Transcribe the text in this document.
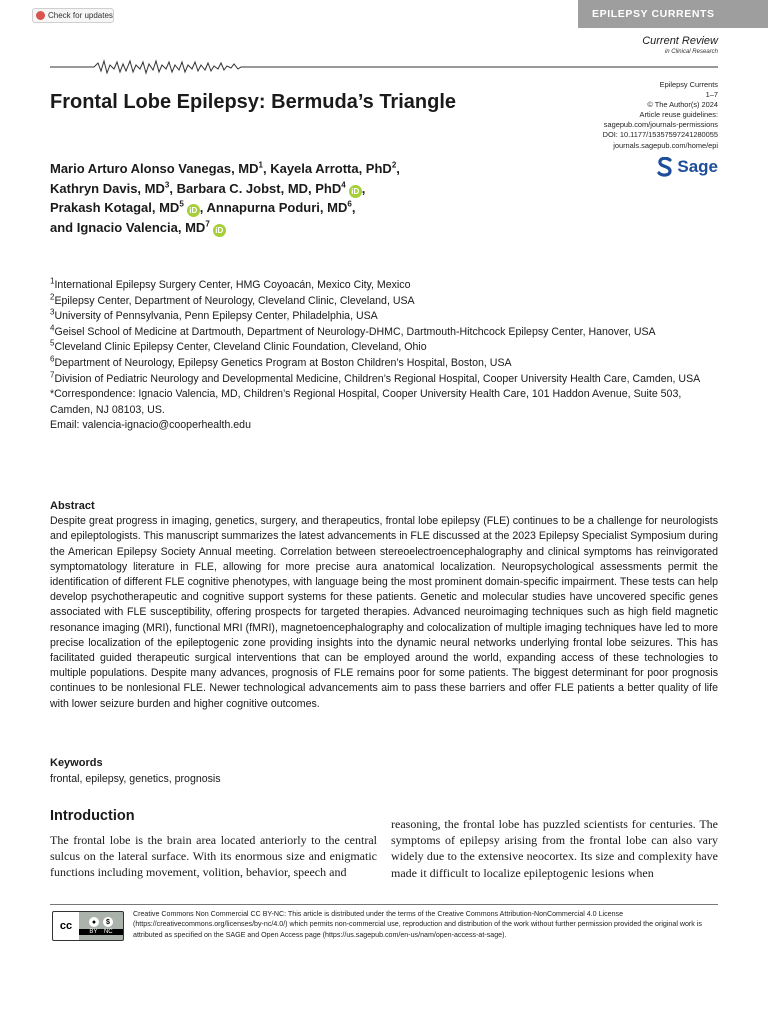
Check for updates	EPILEPSY CURRENTS
Current Review
in Clinical Research
Frontal Lobe Epilepsy: Bermuda’s Triangle
Epilepsy Currents
1–7
© The Author(s) 2024
Article reuse guidelines:
sagepub.com/journals-permissions
DOI: 10.1177/15357597241280055
journals.sagepub.com/home/epi
Sage
Mario Arturo Alonso Vanegas, $MD^1$, Kayela Arrotta, PhD$^2$,
Kathryn Davis, $MD^3$, Barbara C. Jobst, MD, PhD$^4$iD ,
Prakash Kotagal, $MD^5iD$ , Annapurna Poduri, $MD^6$,
and Ignacio Valencia, $MD^7iD$

$^1$International Epilepsy Surgery Center, HMG Coyoacán, Mexico City, Mexico

$^2$Epilepsy Center, Department of Neurology, Cleveland Clinic, Cleveland, USA

$^3$University of Pennsylvania, Penn Epilepsy Center, Philadelphia, USA

$^4$Geisel School of Medicine at Dartmouth, Department of Neurology-DHMC, Dartmouth-Hitchcock Epilepsy Center, Hanover, USA

$^5$Cleveland Clinic Epilepsy Center, Cleveland Clinic Foundation, Cleveland, Ohio

$^6$Department of Neurology, Epilepsy Genetics Program at Boston Children’s Hospital, Boston, USA

$^7$Division of Pediatric Neurology and Developmental Medicine, Children’s Regional Hospital, Cooper University Health Care, Camden, USA

*Correspondence: Ignacio Valencia, MD, Children’s Regional Hospital, Cooper University Health Care, 101 Haddon Avenue, Suite 503, Camden, NJ 08103, US.

Email: valencia-ignacio@cooperhealth.edu

Abstract

Despite great progress in imaging, genetics, surgery, and therapeutics, frontal lobe epilepsy (FLE) continues to be a challenge for neurologists and epileptologists. This manuscript summarizes the latest advancements in FLE discussed at the 2023 Epilepsy Specialist Symposium during the American Epilepsy Society Annual meeting. Correlation between stereoelectroencephalography and clinical symptoms has reinvigorated symptomatology literature in FLE, allowing for more precise aura anatomical localization. Neuropsychological assessments permit the identification of different FLE cognitive phenotypes, with language being the most prominent domain-specific impairment. These tests can help develop psychotherapeutic and cognitive support systems for these patients. Genetic and molecular studies have uncovered specific genes associated with FLE susceptibility, offering prospects for targeted therapies. Advanced neuroimaging techniques such as high field magnetic resonance imaging (MRI), functional MRI (fMRI), magnetoencephalography and colocalization of multiple imaging techniques have led to more precise localization of the epileptogenic zone providing insights into the dynamic neural networks underlying frontal lobe seizures. This has facilitated guided therapeutic surgical interventions that can be employed around the world, expanding access of these technologies to multiple populations. Despite many advances, prognosis of FLE remains poor for some patients. The biggest determinant for poor prognosis continues to be nonlesional FLE. Newer technological advancements aim to pass these barriers and offer FLE patients a better quality of life with lower seizure burden and higher cognitive outcomes.

Keywords

frontal, epilepsy, genetics, prognosis

Introduction
The frontal lobe is the brain area located anteriorly to the central sulcus on the lateral surface. With its enormous size and enigmatic functions including movement, volition, behavior, speech and
reasoning, the frontal lobe has puzzled scientists for centuries. The symptoms of epilepsy arising from the frontal lobe can also vary widely due to the extensive neocortex. Its size and complexity have made it difficult to localize epileptogenic lesions when
cc	●	$
BY NC
Creative Commons Non Commercial CC BY-NC: This article is distributed under the terms of the Creative Commons Attribution-NonCommercial 4.0 License (https://creativecommons.org/licenses/by-nc/4.0/) which permits non-commercial use, reproduction and distribution of the work without further permission provided the original work is attributed as specified on the SAGE and Open Access page (https://us.sagepub.com/en-us/nam/open-access-at-sage).
